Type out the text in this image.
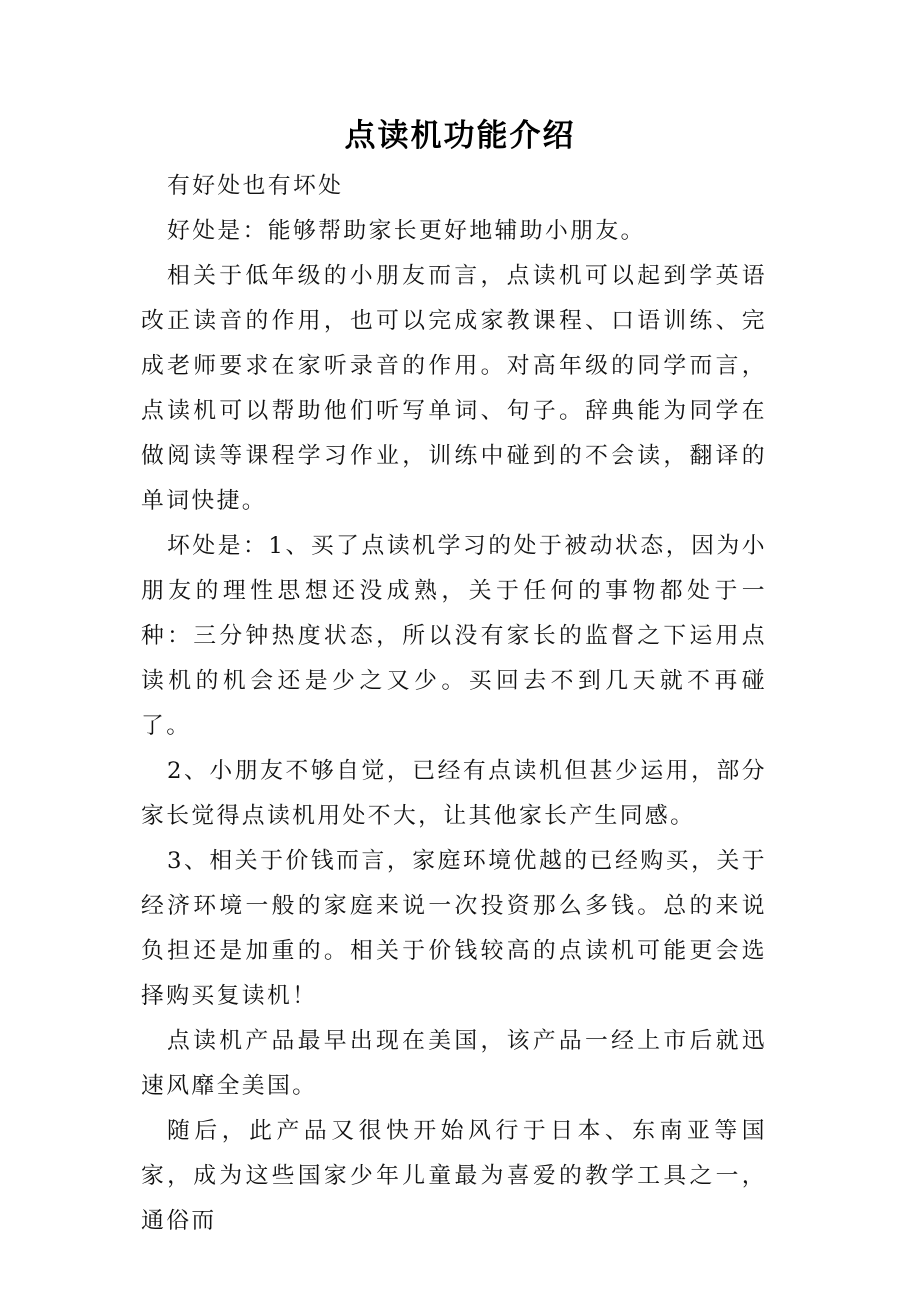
点读机功能介绍

有好处也有坏处

好处是：能够帮助家长更好地辅助小朋友。

相关于低年级的小朋友而言，点读机可以起到学英语改正读音的作用，也可以完成家教课程、口语训练、完成老师要求在家听录音的作用。对高年级的同学而言，点读机可以帮助他们听写单词、句子。辞典能为同学在做阅读等课程学习作业，训练中碰到的不会读，翻译的单词快捷。

坏处是：1、买了点读机学习的处于被动状态，因为小朋友的理性思想还没成熟，关于任何的事物都处于一种：三分钟热度状态，所以没有家长的监督之下运用点读机的机会还是少之又少。买回去不到几天就不再碰了。

2、小朋友不够自觉，已经有点读机但甚少运用，部分家长觉得点读机用处不大，让其他家长产生同感。

3、相关于价钱而言，家庭环境优越的已经购买，关于经济环境一般的家庭来说一次投资那么多钱。总的来说负担还是加重的。相关于价钱较高的点读机可能更会选择购买复读机！

点读机产品最早出现在美国，该产品一经上市后就迅速风靡全美国。

随后，此产品又很快开始风行于日本、东南亚等国家，成为这些国家少年儿童最为喜爱的教学工具之一，通俗而
